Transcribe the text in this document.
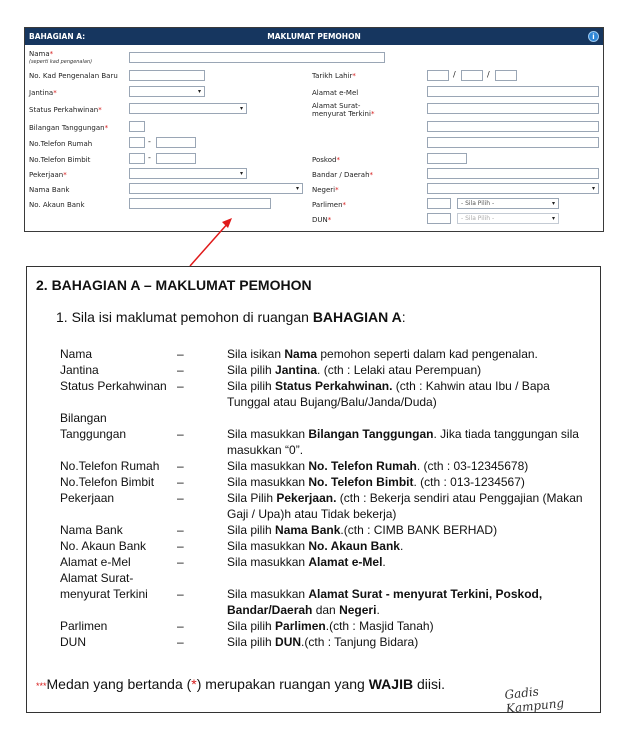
BAHAGIAN A:	MAKLUMAT PEMOHON	i
Nama*
(seperti kad pengenalan)
No. Kad Pengenalan Baru
Jantina*	▾
Status Perkahwinan*	▾
Bilangan Tanggungan*
No.Telefon Rumah	-
No.Telefon Bimbit	-
Pekerjaan*	▾
Nama Bank	▾
No. Akaun Bank
Tarikh Lahir*	/	/
Alamat e-Mel
Alamat Surat-
menyurat Terkini*
Poskod*
Bandar / Daerah*
Negeri*	▾
Parlimen*	- Sila Pilih -	▾
DUN*	- Sila Pilih -	▾
2. BAHAGIAN A – MAKLUMAT PEMOHON
1. Sila isi maklumat pemohon di ruangan BAHAGIAN A:
Nama	–	Sila isikan Nama pemohon seperti dalam kad pengenalan.
Jantina	–	Sila pilih Jantina. (cth : Lelaki atau Perempuan)
Status Perkahwinan –	Sila pilih Status Perkahwinan. (cth : Kahwin atau Ibu / Bapa Tunggal atau Bujang/Balu/Janda/Duda)
Bilangan
Tanggungan	–	Sila masukkan Bilangan Tanggungan. Jika tiada tanggungan sila masukkan “0”.
No.Telefon Rumah –	Sila masukkan No. Telefon Rumah. (cth : 03-12345678)
No.Telefon Bimbit –	Sila masukkan No. Telefon Bimbit. (cth : 013-1234567)
Pekerjaan	–	Sila Pilih Pekerjaan. (cth : Bekerja sendiri atau Penggajian (Makan Gaji / Upa)h atau Tidak bekerja)
Nama Bank	–	Sila pilih Nama Bank.(cth : CIMB BANK BERHAD)
No. Akaun Bank	–	Sila masukkan No. Akaun Bank.
Alamat e-Mel	–	Sila masukkan Alamat e-Mel.
Alamat Surat-
menyurat Terkini –	Sila masukkan Alamat Surat - menyurat Terkini, Poskod, Bandar/Daerah dan Negeri.
Parlimen	–	Sila pilih Parlimen.(cth : Masjid Tanah)
DUN	–	Sila pilih DUN.(cth : Tanjung Bidara)
***Medan yang bertanda (*) merupakan ruangan yang WAJIB diisi.
Gadis Kampung
